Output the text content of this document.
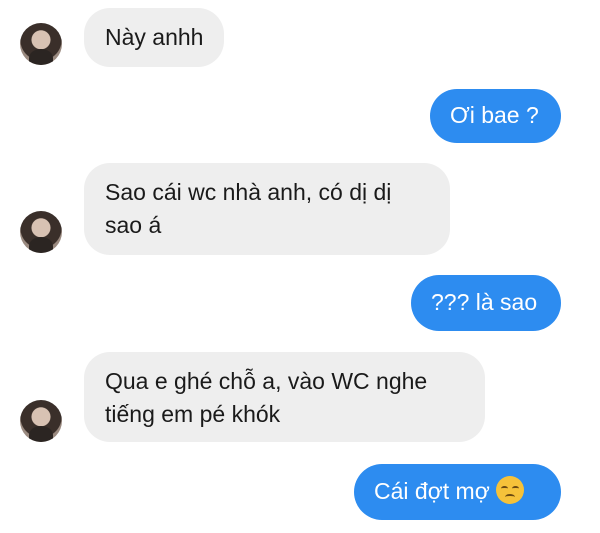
Này anhh
Ơi bae ?
Sao cái wc nhà anh, có dị dị
sao á
??? là sao
Qua e ghé chỗ a, vào WC nghe
tiếng em pé khók
Cái đợt mợ
